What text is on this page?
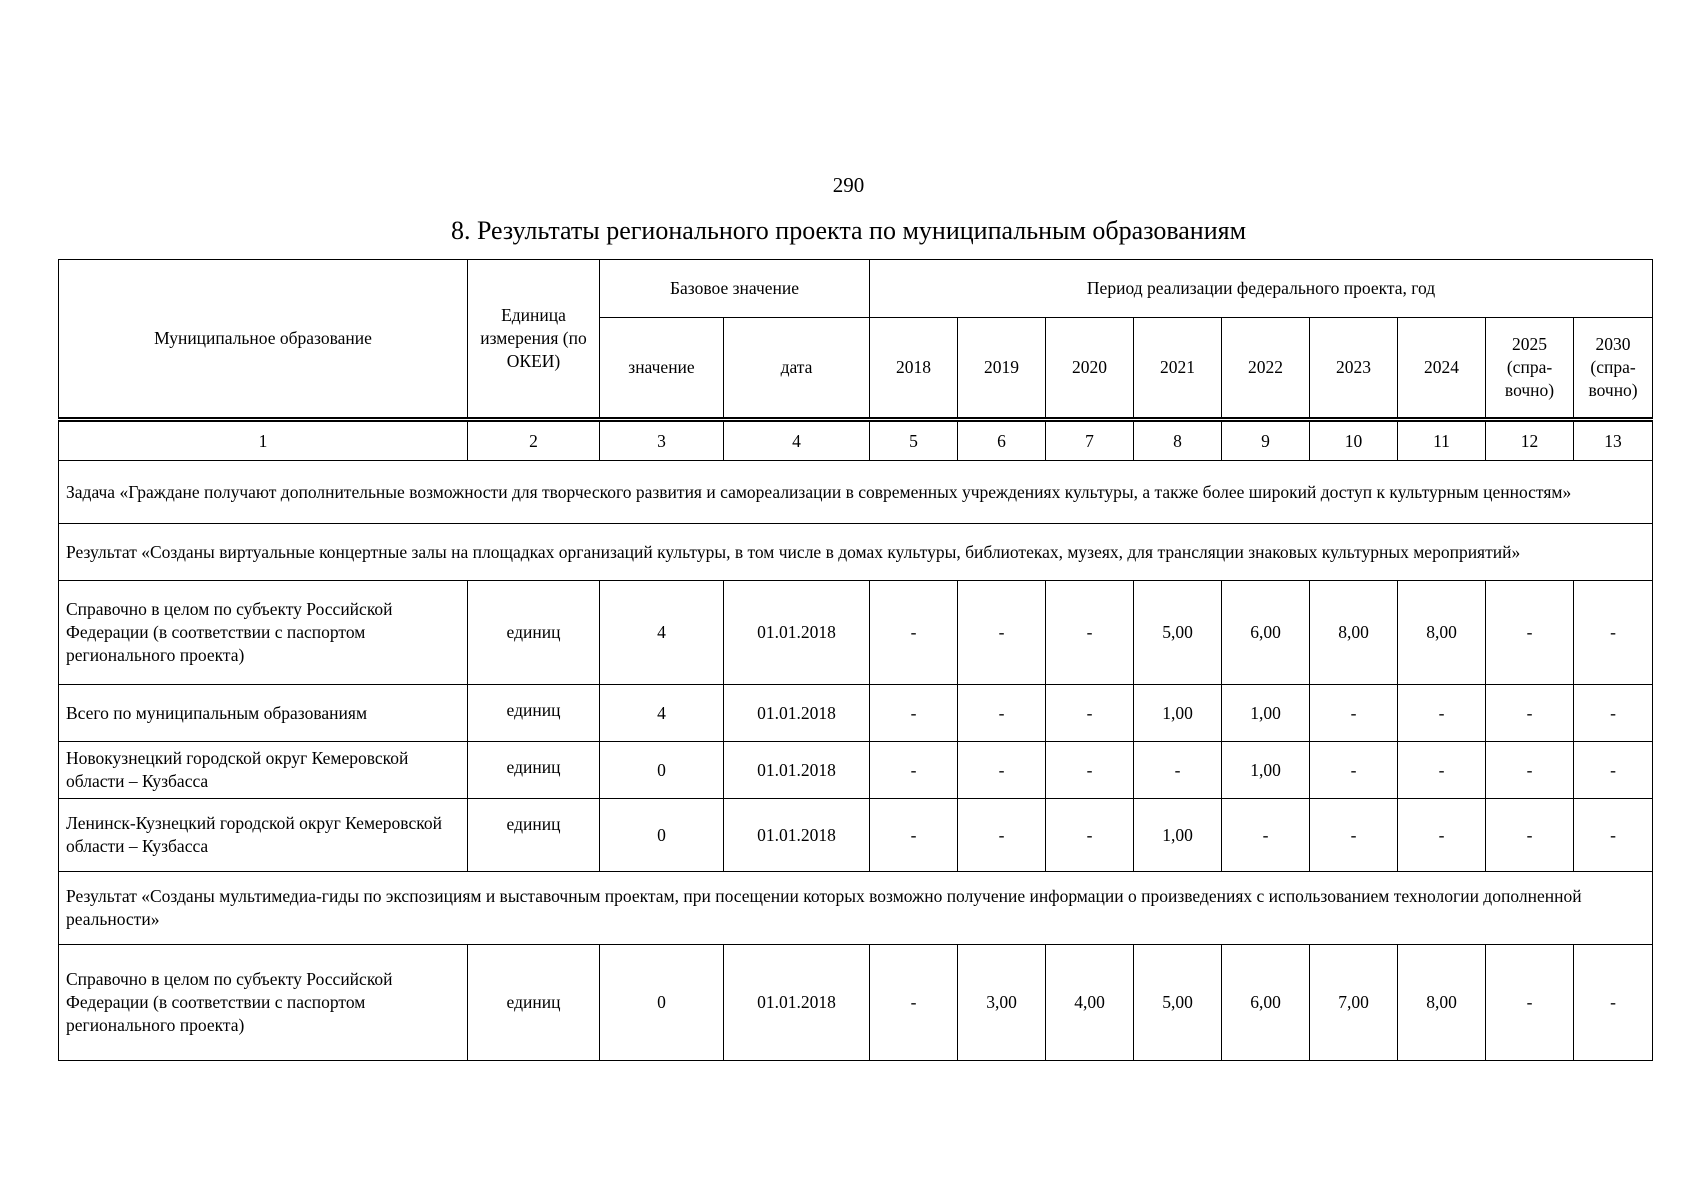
290
8. Результаты регионального проекта по муниципальным образованиям
Муниципальное образование	Единица измерения (по ОКЕИ)	Базовое значение		Период реализации федерального проекта, год								
		значение	дата	2018	2019	2020	2021	2022	2023	2024	2025 (спра-вочно)	2030 (спра-вочно)
1	2	3	4	5	6	7	8	9	10	11	12	13
Задача «Граждане получают дополнительные возможности для творческого развития и самореализации в современных учреждениях культуры, а также более широкий доступ к культурным ценностям»												
Результат «Созданы виртуальные концертные залы на площадках организаций культуры, в том числе в домах культуры, библиотеках, музеях, для трансляции знаковых культурных мероприятий»												
Справочно в целом по субъекту Российской Федерации (в соответствии с паспортом регионального проекта)	единиц	4	01.01.2018	-	-	-	5,00	6,00	8,00	8,00	-	-
Всего по муниципальным образованиям	единиц	4	01.01.2018	-	-	-	1,00	1,00	-	-	-	-
Новокузнецкий городской округ Кемеровской области – Кузбасса	единиц	0	01.01.2018	-	-	-	-	1,00	-	-	-	-
Ленинск-Кузнецкий городской округ Кемеровской области – Кузбасса	единиц	0	01.01.2018	-	-	-	1,00	-	-	-	-	-
Результат «Созданы мультимедиа-гиды по экспозициям и выставочным проектам, при посещении которых возможно получение информации о произведениях с использованием технологии дополненной реальности»												
Справочно в целом по субъекту Российской Федерации (в соответствии с паспортом регионального проекта)	единиц	0	01.01.2018	-	3,00	4,00	5,00	6,00	7,00	8,00	-	-
